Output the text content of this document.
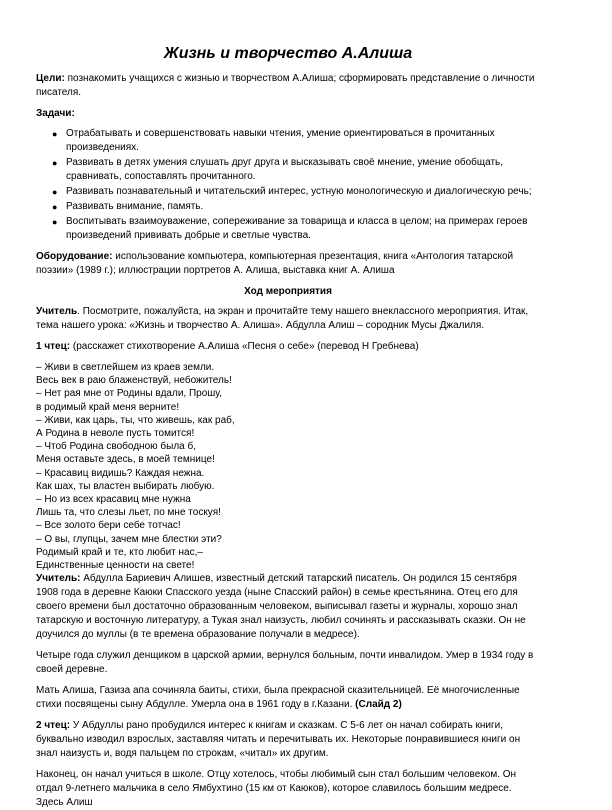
Жизнь и творчество А.Алиша

Цели: познакомить учащихся с жизнью и творчеством А.Алиша; сформировать представление о личности писателя.

Задачи:

● Отрабатывать и совершенствовать навыки чтения, умение ориентироваться в прочитанных произведениях.
● Развивать в детях умения слушать друг друга и высказывать своё мнение, умение обобщать, сравнивать, сопоставлять прочитанного.
● Развивать познавательный и читательский интерес, устную монологическую и диалогическую речь;
● Развивать внимание, память.
● Воспитывать взаимоуважение, сопереживание за товарища и класса в целом; на примерах героев произведений прививать добрые и светлые чувства.

Оборудование: использование компьютера, компьютерная презентация, книга «Антология татарской поэзии» (1989 г.); иллюстрации портретов А. Алиша, выставка книг А. Алиша

Ход мероприятия

Учитель. Посмотрите, пожалуйста, на экран и прочитайте тему нашего внеклассного мероприятия. Итак, тема нашего урока: «Жизнь и творчество А. Алиша». Абдулла Алиш – сородник Мусы Джалиля.

1 чтец: (расскажет стихотворение А.Алиша «Песня о себе» (перевод Н Гребнева)

– Живи в светлейшем из краев земли.

Весь век в раю блаженствуй, небожитель!

– Нет рая мне от Родины вдали, Прошу,

в родимый край меня верните!

– Живи, как царь, ты, что живешь, как раб,

А Родина в неволе пусть томится!

– Чтоб Родина свободною была б,

Меня оставьте здесь, в моей темнице!

– Красавиц видишь? Каждая нежна.

Как шах, ты властен выбирать любую.

– Но из всех красавиц мне нужна

Лишь та, что слезы льет, по мне тоскуя!

– Все золото бери себе тотчас!

– О вы, глупцы, зачем мне блестки эти?

Родимый край и те, кто любит нас,–

Единственные ценности на свете!

Учитель: Абдулла Бариевич Алишев, известный детский татарский писатель. Он родился 15 сентября 1908 года в деревне Каюки Спасского уезда (ныне Спасский район) в семье крестьянина. Отец его для своего времени был достаточно образованным человеком, выписывал газеты и журналы, хорошо знал татарскую и восточную литературу, а Тукая знал наизусть, любил сочинять и рассказывать сказки. Он не доучился до муллы (в те времена образование получали в медресе).

Четыре года служил денщиком в царской армии, вернулся больным, почти инвалидом. Умер в 1934 году в своей деревне.

Мать Алиша, Газиза апа сочиняла баиты, стихи, была прекрасной сказительницей. Её многочисленные стихи посвящены сыну Абдулле. Умерла она в 1961 году в г.Казани. (Слайд 2)

2 чтец: У Абдуллы рано пробудился интерес к книгам и сказкам. С 5-6 лет он начал собирать книги, буквально изводил взрослых, заставляя читать и перечитывать их. Некоторые понравившиеся книги он знал наизусть и, водя пальцем по строкам, «читал» их другим.

Наконец, он начал учиться в школе. Отцу хотелось, чтобы любимый сын стал большим человеком. Он отдал 9-летнего мальчика в село Ямбухтино (15 км от Каюков), которое славилось большим медресе. Здесь Алиш
